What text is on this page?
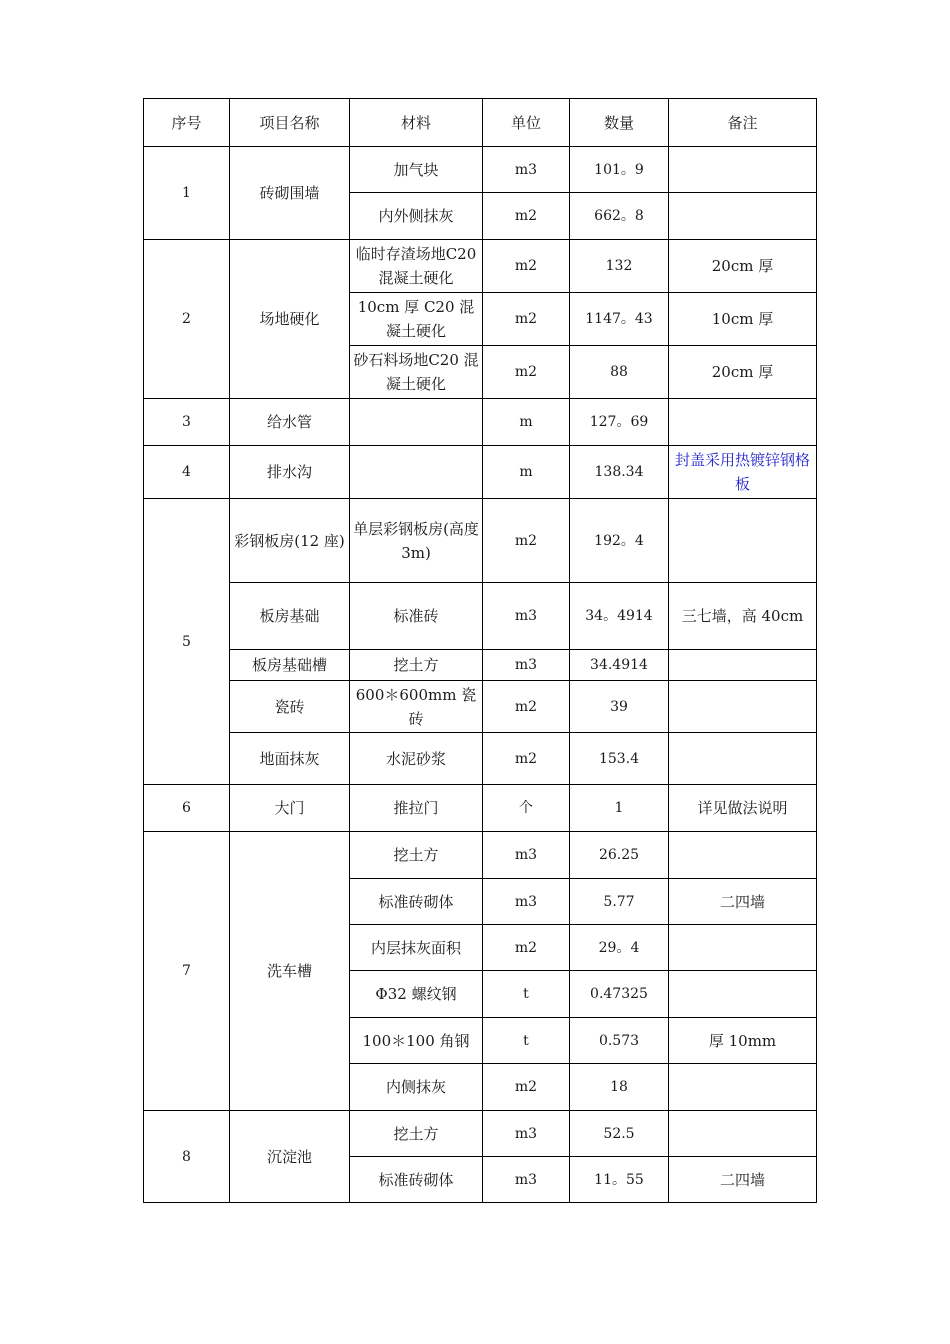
序号	项目名称	材料	单位	数量	备注
1	砖砌围墙	加气块	m3	101。9	
		内外侧抹灰	m2	662。8	
2	场地硬化	临时存渣场地C20 混凝土硬化	m2	132	20cm 厚
		10cm 厚 C20 混凝土硬化	m2	1147。43	10cm 厚
		砂石料场地C20 混凝土硬化	m2	88	20cm 厚
3	给水管		m	127。69	
4	排水沟		m	138.34	封盖采用热镀锌钢格板
5	彩钢板房(12 座)	单层彩钢板房(高度 3m)	m2	192。4	
	板房基础	标准砖	m3	34。4914	三七墙，高 40cm
	板房基础槽	挖土方	m3	34.4914	
	瓷砖	600＊600mm 瓷砖	m2	39	
	地面抹灰	水泥砂浆	m2	153.4	
6	大门	推拉门	个	1	详见做法说明
7	洗车槽	挖土方	m3	26.25	
		标准砖砌体	m3	5.77	二四墙
		内层抹灰面积	m2	29。4	
		Φ32 螺纹钢	t	0.47325	
		100＊100 角钢	t	0.573	厚 10mm
		内侧抹灰	m2	18	
8	沉淀池	挖土方	m3	52.5	
		标准砖砌体	m3	11。55	二四墙
